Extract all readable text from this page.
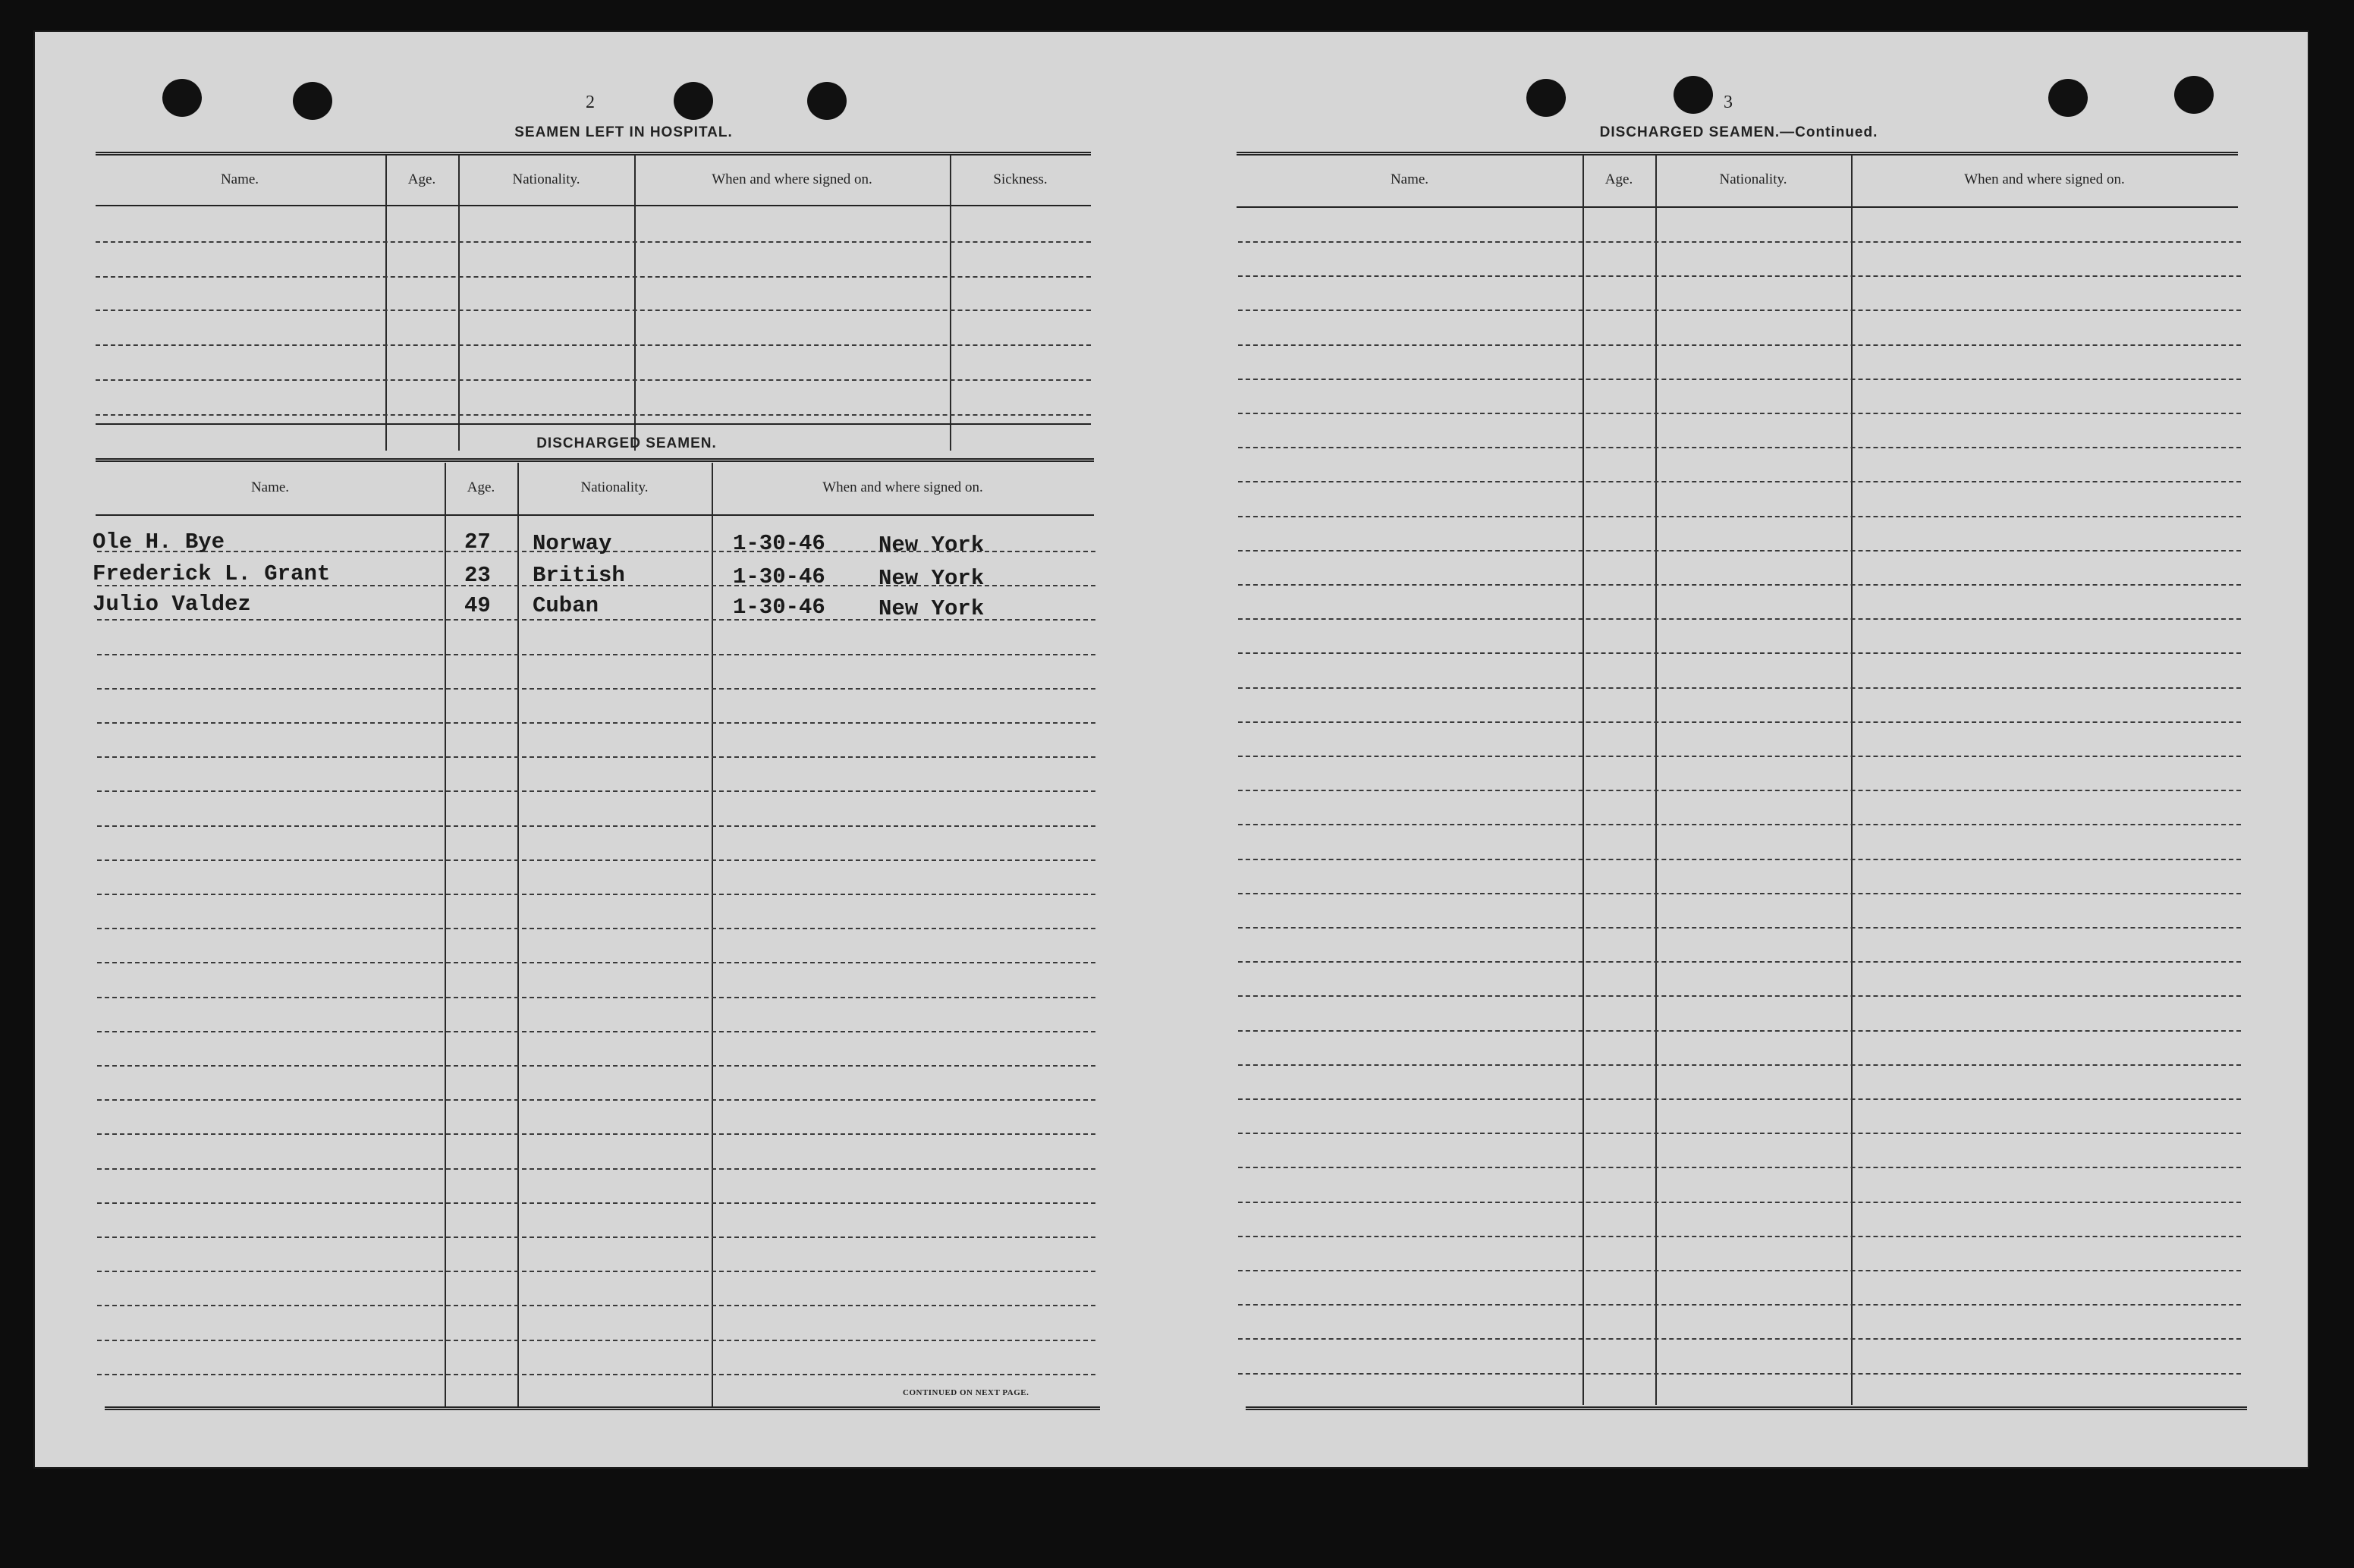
2
SEAMEN LEFT IN HOSPITAL.
Name.	Age.	Nationality.	When and where signed on.	Sickness.
DISCHARGED SEAMEN.
Name.	Age.	Nationality.	When and where signed on.
Ole H. Bye	27 Norway	1-30-46 New York
Frederick L. Grant	23 British	1-30-46 New York
Julio Valdez	49 Cuban	1-30-46 New York
CONTINUED ON NEXT PAGE.
3
DISCHARGED SEAMEN.—Continued.
Name.	Age.	Nationality.	When and where signed on.
